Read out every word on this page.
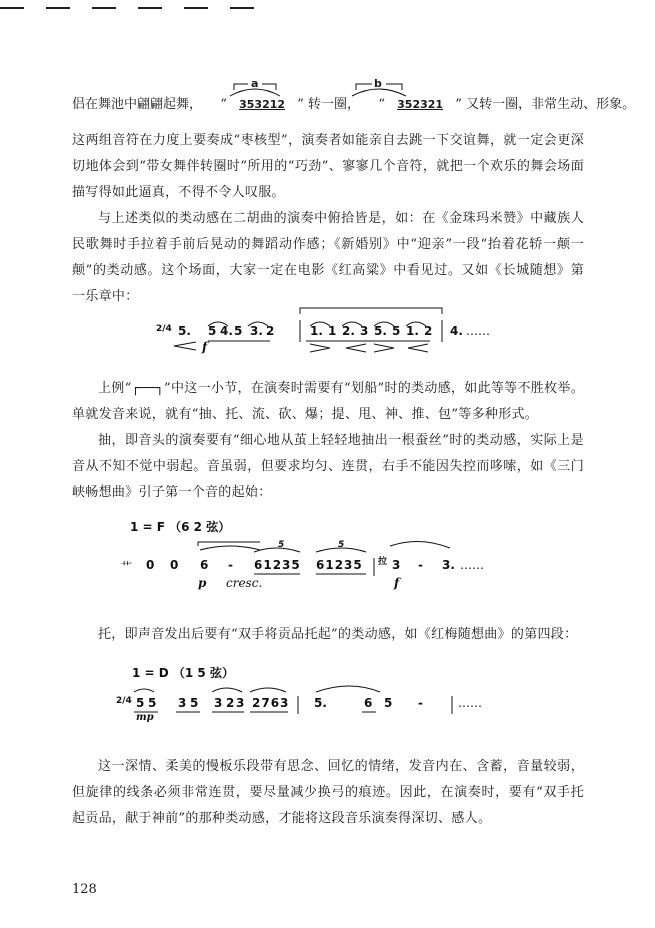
侣在舞池中翩翩起舞， “ 353212 ” 转一圈， “ 352321 ” 又转一圈，非常生动、形象。
a	b

这两组音符在力度上要奏成“枣核型”，演奏者如能亲自去跳一下交谊舞，就一定会更深切地体会到“带女舞伴转圈时”所用的“巧劲”、寥寥几个音符，就把一个欢乐的舞会场面描写得如此逼真，不得不令人叹服。

与上述类似的类动感在二胡曲的演奏中俯拾皆是，如：在《金珠玛米赞》中藏族人民歌舞时手拉着手前后晃动的舞蹈动作感；《新婚别》中“迎亲”一段“抬着花轿一颠一颠”的类动感。这个场面，大家一定在电影《红高粱》中看见过。又如《长城随想》第一乐章中：

2/4 5. 5 4. 5 3. 2	1. 1 2. 3 5. 5 1. 2 4. ……
f

上例“┌──┐”中这一小节，在演奏时需要有“划船”时的类动感，如此等等不胜枚举。单就发音来说，就有“抽、托、流、砍、爆；提、甩、神、推、包”等多种形式。

抽，即音头的演奏要有“细心地从茧上轻轻地抽出一根蚕丝”时的类动感，实际上是音从不知不觉中弱起。音虽弱，但要求均匀、连贯，右手不能因失控而哆嗦，如《三门峡畅想曲》引子第一个音的起始：

1 = F （6 2 弦）
5	5
艹 0 0 6 - 61235 61235 拉 3 - 3. ……
p cresc.	f

托，即声音发出后要有“双手将贡品托起”的类动感，如《红梅随想曲》的第四段：

1 = D （1 5 弦）
2/4 5 5 3 5 3 2 3 2763 5.	6 5 -	……
mp

这一深情、柔美的慢板乐段带有思念、回忆的情绪，发音内在、含蓄，音量较弱，但旋律的线条必须非常连贯，要尽量减少换弓的痕迹。因此，在演奏时，要有“双手托起贡品，献于神前”的那种类动感，才能将这段音乐演奏得深切、感人。

128
